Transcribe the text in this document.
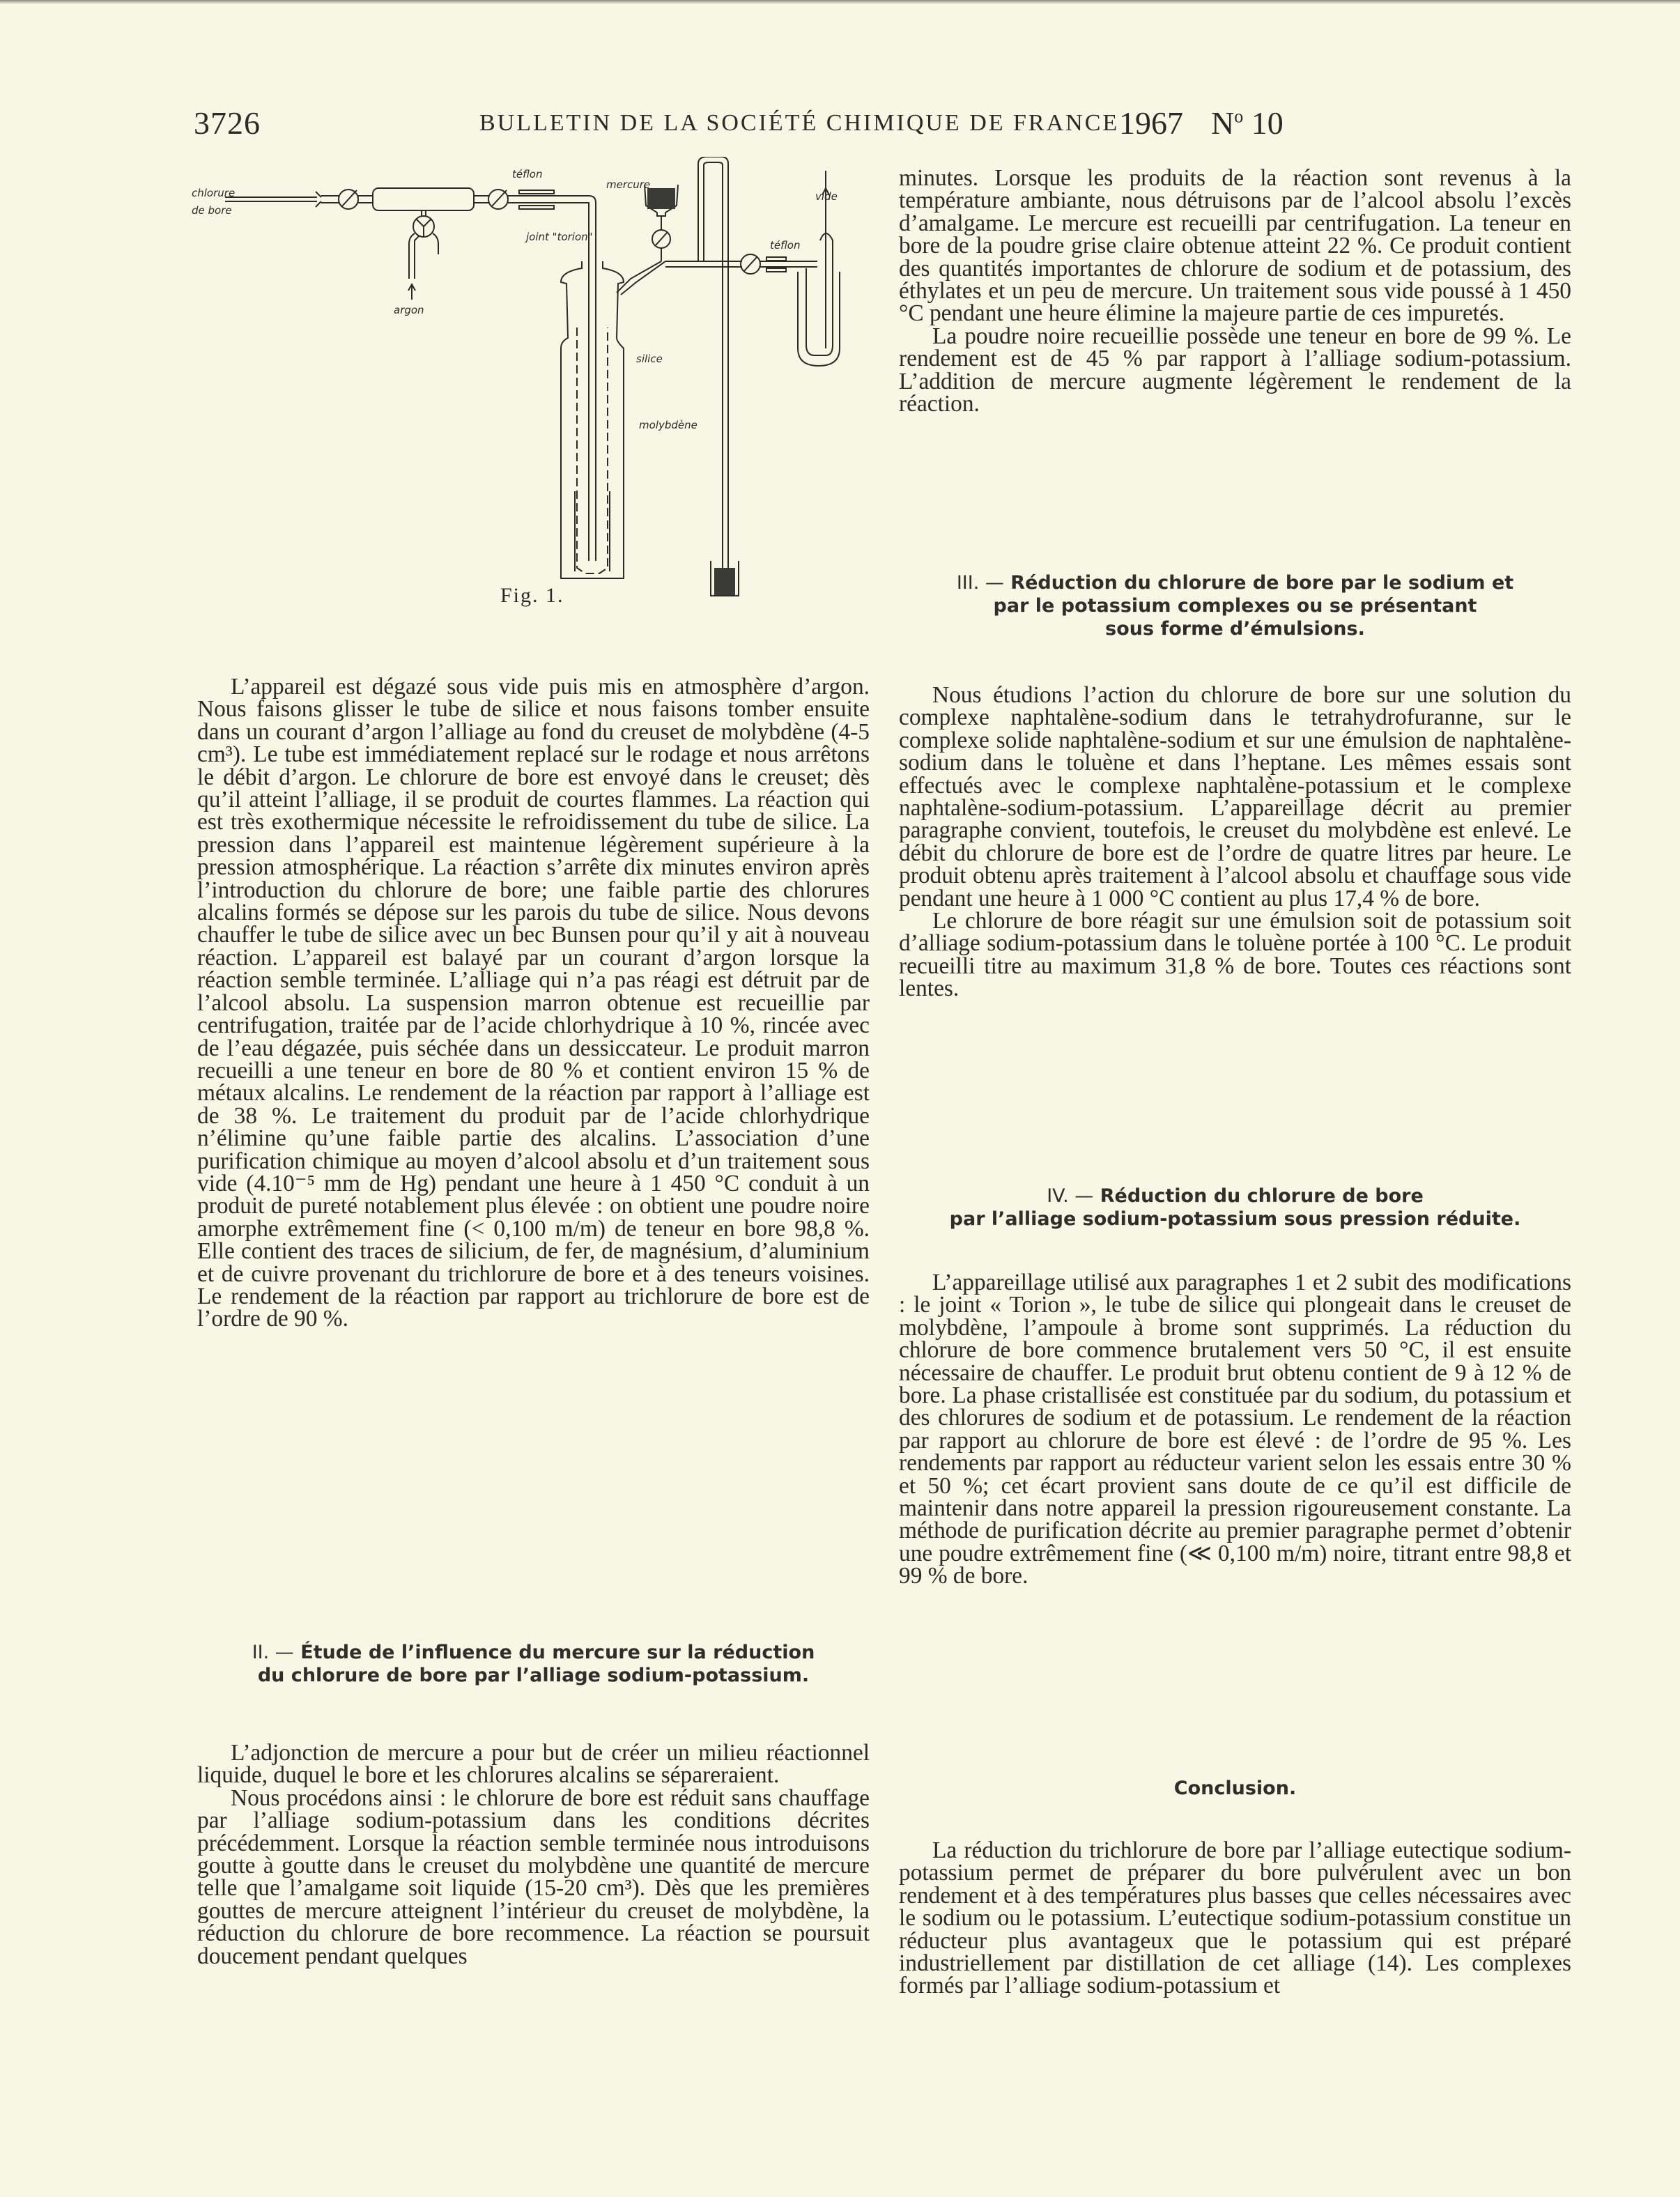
3726	BULLETIN DE LA SOCIÉTÉ CHIMIQUE DE FRANCE 1967 $N^o$ 10
chlorure
de bore
argon
téflon
joint "torion"
mercure
vide
téflon
silice
molybdène
Fig. 1.

L’appareil est dégazé sous vide puis mis en atmosphère d’argon. Nous faisons glisser le tube de silice et nous faisons tomber ensuite dans un courant d’argon l’alliage au fond du creuset de molybdène (4-5 cm³). Le tube est immédiatement replacé sur le rodage et nous arrêtons le débit d’argon. Le chlorure de bore est envoyé dans le creuset; dès qu’il atteint l’alliage, il se produit de courtes flammes. La réaction qui est très exothermique nécessite le refroidissement du tube de silice. La pression dans l’appareil est maintenue légèrement supérieure à la pression atmosphérique. La réaction s’arrête dix minutes environ après l’introduction du chlorure de bore; une faible partie des chlorures alcalins formés se dépose sur les parois du tube de silice. Nous devons chauffer le tube de silice avec un bec Bunsen pour qu’il y ait à nouveau réaction. L’appareil est balayé par un courant d’argon lorsque la réaction semble terminée. L’alliage qui n’a pas réagi est détruit par de l’alcool absolu. La suspension marron obtenue est recueillie par centrifugation, traitée par de l’acide chlorhydrique à 10 %, rincée avec de l’eau dégazée, puis séchée dans un dessiccateur. Le produit marron recueilli a une teneur en bore de 80 % et contient environ 15 % de métaux alcalins. Le rendement de la réaction par rapport à l’alliage est de 38 %. Le traitement du produit par de l’acide chlorhydrique n’élimine qu’une faible partie des alcalins. L’association d’une purification chimique au moyen d’alcool absolu et d’un traitement sous vide (4.10⁻⁵ mm de Hg) pendant une heure à 1 450 °C conduit à un produit de pureté notablement plus élevée : on obtient une poudre noire amorphe extrêmement fine (< 0,100 m/m) de teneur en bore 98,8 %. Elle contient des traces de silicium, de fer, de magnésium, d’aluminium et de cuivre provenant du trichlorure de bore et à des teneurs voisines. Le rendement de la réaction par rapport au trichlorure de bore est de l’ordre de 90 %.

II. — Étude de l’influence du mercure sur la réduction
du chlorure de bore par l’alliage sodium-potassium.

L’adjonction de mercure a pour but de créer un milieu réactionnel liquide, duquel le bore et les chlorures alcalins se sépareraient.

Nous procédons ainsi : le chlorure de bore est réduit sans chauffage par l’alliage sodium-potassium dans les conditions décrites précédemment. Lorsque la réaction semble terminée nous introduisons goutte à goutte dans le creuset du molybdène une quantité de mercure telle que l’amalgame soit liquide (15-20 cm³). Dès que les premières gouttes de mercure atteignent l’intérieur du creuset de molybdène, la réduction du chlorure de bore recommence. La réaction se poursuit doucement pendant quelques

minutes. Lorsque les produits de la réaction sont revenus à la température ambiante, nous détruisons par de l’alcool absolu l’excès d’amalgame. Le mercure est recueilli par centrifugation. La teneur en bore de la poudre grise claire obtenue atteint 22 %. Ce produit contient des quantités importantes de chlorure de sodium et de potassium, des éthylates et un peu de mercure. Un traitement sous vide poussé à 1 450 °C pendant une heure élimine la majeure partie de ces impuretés.

La poudre noire recueillie possède une teneur en bore de 99 %. Le rendement est de 45 % par rapport à l’alliage sodium-potassium. L’addition de mercure augmente légèrement le rendement de la réaction.

III. — Réduction du chlorure de bore par le sodium et
par le potassium complexes ou se présentant
sous forme d’émulsions.

Nous étudions l’action du chlorure de bore sur une solution du complexe naphtalène-sodium dans le tetrahydrofuranne, sur le complexe solide naphtalène-sodium et sur une émulsion de naphtalène-sodium dans le toluène et dans l’heptane. Les mêmes essais sont effectués avec le complexe naphtalène-potassium et le complexe naphtalène-sodium-potassium. L’appareillage décrit au premier paragraphe convient, toutefois, le creuset du molybdène est enlevé. Le débit du chlorure de bore est de l’ordre de quatre litres par heure. Le produit obtenu après traitement à l’alcool absolu et chauffage sous vide pendant une heure à 1 000 °C contient au plus 17,4 % de bore.

Le chlorure de bore réagit sur une émulsion soit de potassium soit d’alliage sodium-potassium dans le toluène portée à 100 °C. Le produit recueilli titre au maximum 31,8 % de bore. Toutes ces réactions sont lentes.

IV. — Réduction du chlorure de bore
par l’alliage sodium-potassium sous pression réduite.

L’appareillage utilisé aux paragraphes 1 et 2 subit des modifications : le joint « Torion », le tube de silice qui plongeait dans le creuset de molybdène, l’ampoule à brome sont supprimés. La réduction du chlorure de bore commence brutalement vers 50 °C, il est ensuite nécessaire de chauffer. Le produit brut obtenu contient de 9 à 12 % de bore. La phase cristallisée est constituée par du sodium, du potassium et des chlorures de sodium et de potassium. Le rendement de la réaction par rapport au chlorure de bore est élevé : de l’ordre de 95 %. Les rendements par rapport au réducteur varient selon les essais entre 30 % et 50 %; cet écart provient sans doute de ce qu’il est difficile de maintenir dans notre appareil la pression rigoureusement constante. La méthode de purification décrite au premier paragraphe permet d’obtenir une poudre extrêmement fine (≪ 0,100 m/m) noire, titrant entre 98,8 et 99 % de bore.

Conclusion.

La réduction du trichlorure de bore par l’alliage eutectique sodium-potassium permet de préparer du bore pulvérulent avec un bon rendement et à des températures plus basses que celles nécessaires avec le sodium ou le potassium. L’eutectique sodium-potassium constitue un réducteur plus avantageux que le potassium qui est préparé industriellement par distillation de cet alliage (14). Les complexes formés par l’alliage sodium-potassium et
